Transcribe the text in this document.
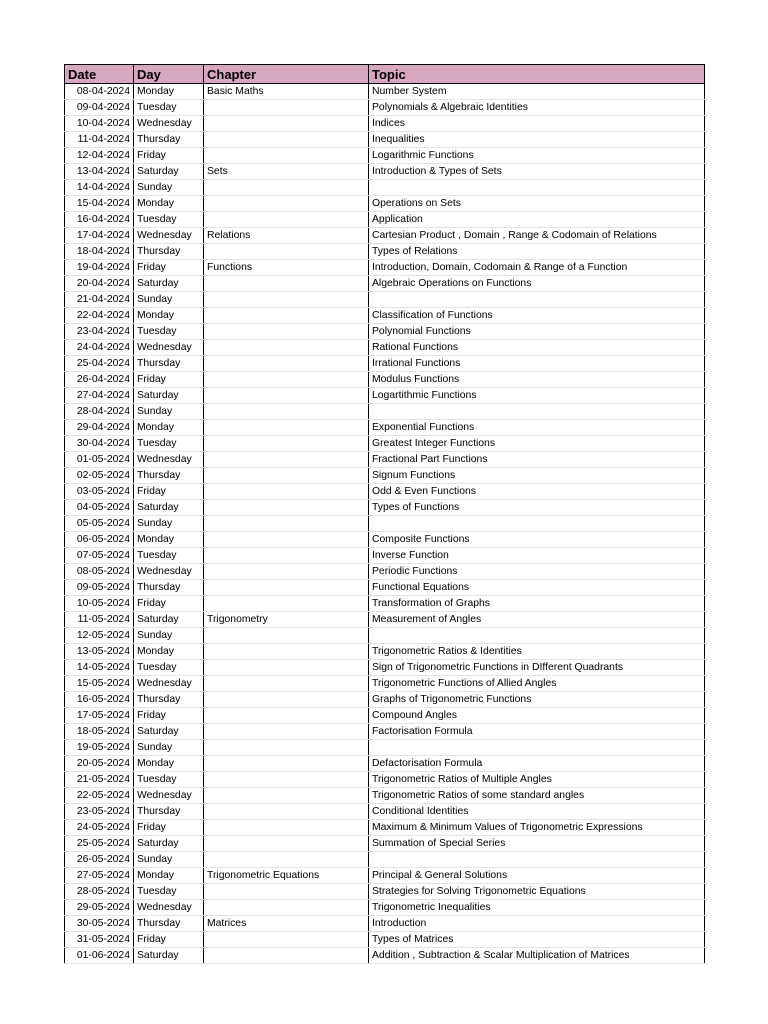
Date	Day	Chapter	Topic
08-04-2024	Monday	Basic Maths	Number System
09-04-2024	Tuesday		Polynomials & Algebraic Identities
10-04-2024	Wednesday		Indices
11-04-2024	Thursday		Inequalities
12-04-2024	Friday		Logarithmic Functions
13-04-2024	Saturday	Sets	Introduction & Types of Sets
14-04-2024	Sunday		
15-04-2024	Monday		Operations on Sets
16-04-2024	Tuesday		Application
17-04-2024	Wednesday	Relations	Cartesian Product , Domain , Range & Codomain of Relations
18-04-2024	Thursday		Types of Relations
19-04-2024	Friday	Functions	Introduction, Domain, Codomain & Range of a Function
20-04-2024	Saturday		Algebraic Operations on Functions
21-04-2024	Sunday		
22-04-2024	Monday		Classification of Functions
23-04-2024	Tuesday		Polynomial Functions
24-04-2024	Wednesday		Rational Functions
25-04-2024	Thursday		Irrational Functions
26-04-2024	Friday		Modulus Functions
27-04-2024	Saturday		Logartithmic Functions
28-04-2024	Sunday		
29-04-2024	Monday		Exponential Functions
30-04-2024	Tuesday		Greatest Integer Functions
01-05-2024	Wednesday		Fractional Part Functions
02-05-2024	Thursday		Signum Functions
03-05-2024	Friday		Odd & Even Functions
04-05-2024	Saturday		Types of Functions
05-05-2024	Sunday		
06-05-2024	Monday		Composite Functions
07-05-2024	Tuesday		Inverse Function
08-05-2024	Wednesday		Periodic Functions
09-05-2024	Thursday		Functional Equations
10-05-2024	Friday		Transformation of Graphs
11-05-2024	Saturday	Trigonometry	Measurement of Angles
12-05-2024	Sunday		
13-05-2024	Monday		Trigonometric Ratios & Identities
14-05-2024	Tuesday		Sign of Trigonometric Functions in DIfferent Quadrants
15-05-2024	Wednesday		Trigonometric Functions of Allied Angles
16-05-2024	Thursday		Graphs of Trigonometric Functions
17-05-2024	Friday		Compound Angles
18-05-2024	Saturday		Factorisation Formula
19-05-2024	Sunday		
20-05-2024	Monday		Defactorisation Formula
21-05-2024	Tuesday		Trigonometric Ratios of Multiple Angles
22-05-2024	Wednesday		Trigonometric Ratios of some standard angles
23-05-2024	Thursday		Conditional Identities
24-05-2024	Friday		Maximum & Minimum Values of Trigonometric Expressions
25-05-2024	Saturday		Summation of Special Series
26-05-2024	Sunday		
27-05-2024	Monday	Trigonometric Equations	Principal & General Solutions
28-05-2024	Tuesday		Strategies for Solving Trigonometric Equations
29-05-2024	Wednesday		Trigonometric Inequalities
30-05-2024	Thursday	Matrices	Introduction
31-05-2024	Friday		Types of Matrices
01-06-2024	Saturday		Addition , Subtraction & Scalar Multiplication of Matrices
